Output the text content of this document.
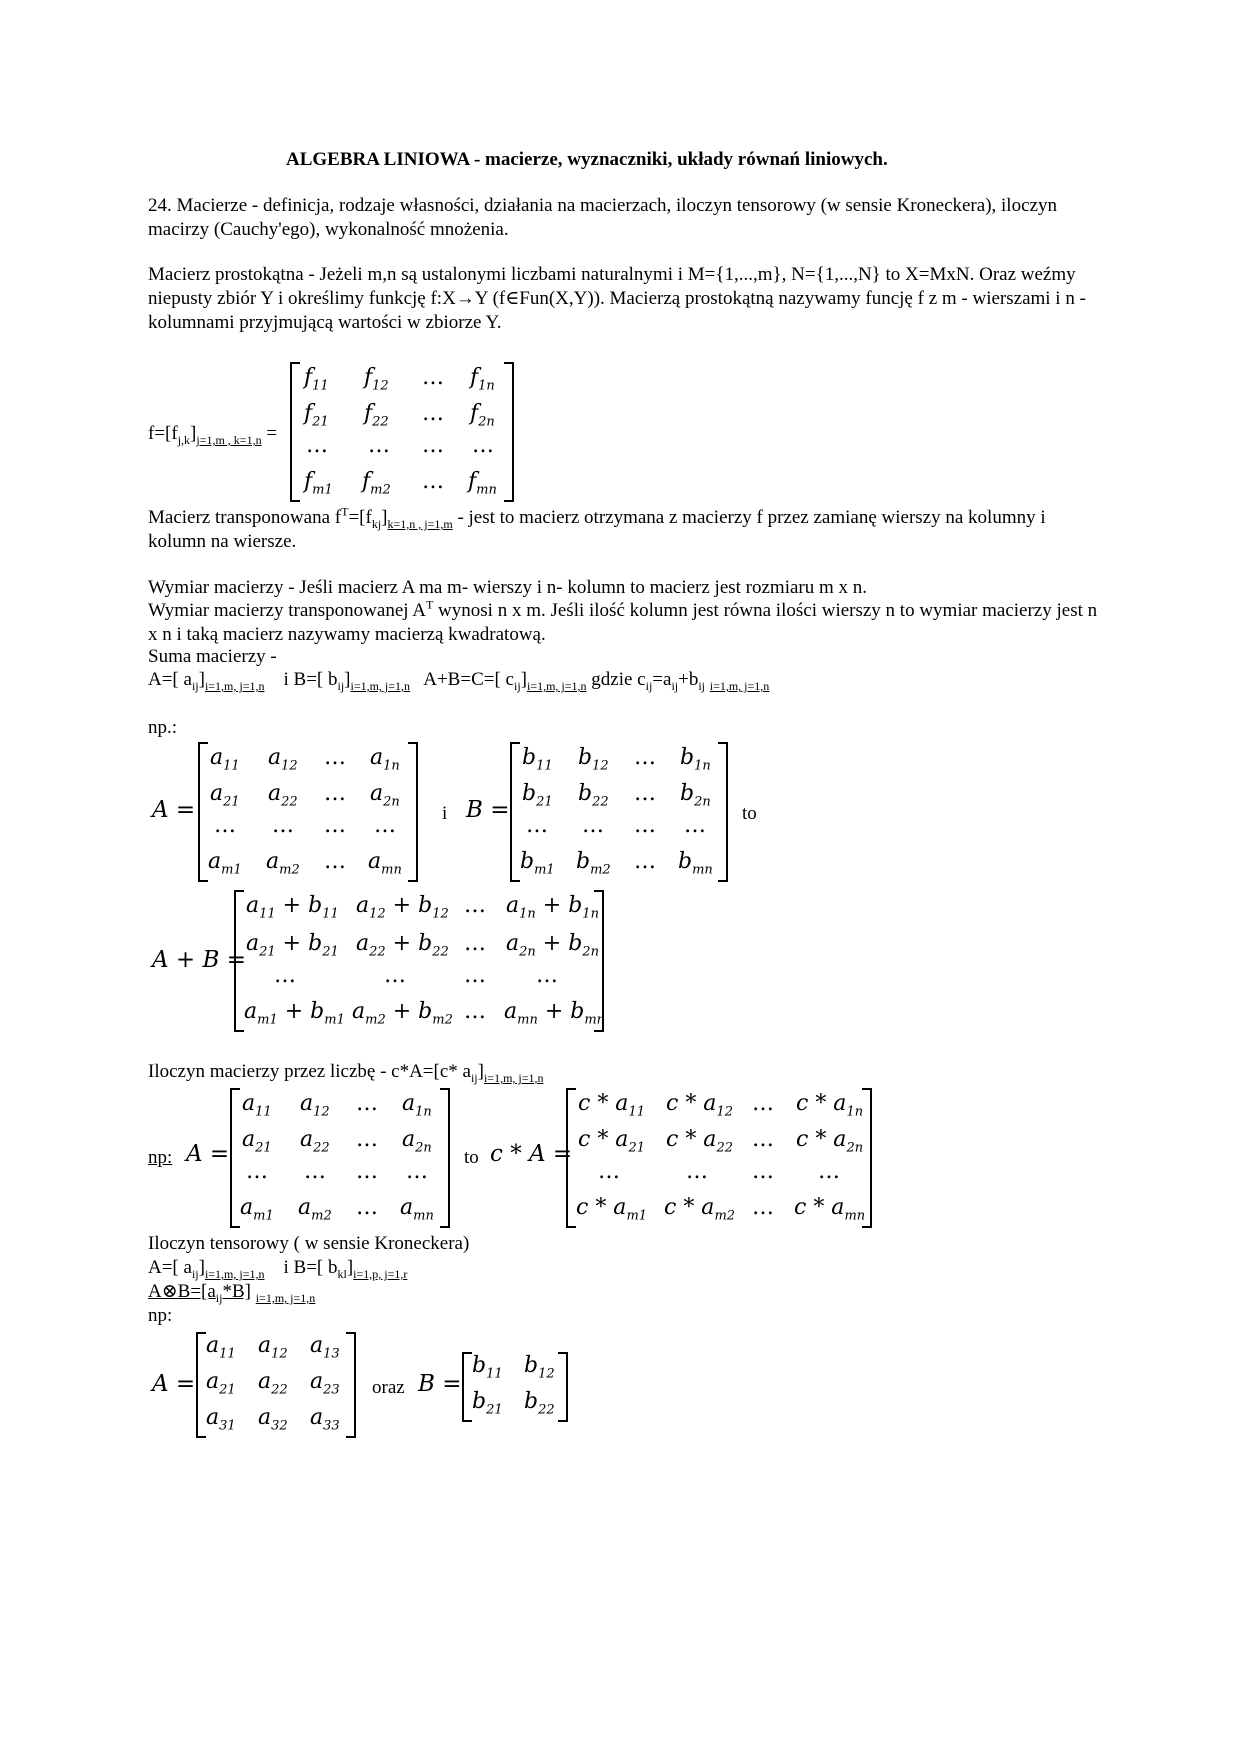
ALGEBRA LINIOWA - macierze, wyznaczniki, układy równań liniowych.
24. Macierze - definicja, rodzaje własności, działania na macierzach, iloczyn tensorowy (w sensie Kroneckera), iloczyn macirzy (Cauchy'ego), wykonalność mnożenia.
Macierz prostokątna - Jeżeli m,n są ustalonymi liczbami naturalnymi i M={1,...,m}, N={1,...,N} to X=MxN. Oraz weźmy niepusty zbiór Y i określimy funkcję f:X→Y (f∈Fun(X,Y)). Macierzą prostokątną nazywamy funcję f z m - wierszami i n - kolumnami przyjmującą wartości w zbiorze Y.
$f=[f_{j,k}]_{j=1,m , k=1,n}$ =
$f_{11}$ $f_{12}$ … $f_{1n}$
$f_{21}$ $f_{22}$ … $f_{2n}$
… … … …
$f_{m1}$ $f_{m2}$ … $f_{mn}$
Macierz transponowana $f^T=[f_{kj}]_{k=1,n , j=1,m}$ - jest to macierz otrzymana z macierzy f przez zamianę wierszy na kolumny i kolumn na wiersze.
Wymiar macierzy - Jeśli macierz A ma m- wierszy i n- kolumn to macierz jest rozmiaru m x n.
Wymiar macierzy transponowanej $A^T$ wynosi n x m. Jeśli ilość kolumn jest równa ilości wierszy n to wymiar macierzy jest n x n i taką macierz nazywamy macierzą kwadratową.
Suma macierzy -
A=[ $a_{ij}]_{i=1,m, j=1,n}$    i B=[ $b_{ij}]_{i=1,m, j=1,n}$   A+B=C=[ $c_{ij}]_{i=1,m, j=1,n}$ gdzie $c_{ij}=a_{ij}+b_{ij}$ $_{i=1,m, j=1,n}$
np.:
A =
$a_{11}$ $a_{12}$ … $a_{1n}$
$a_{21}$ $a_{22}$ … $a_{2n}$
… … … …
$a_{m1}$ $a_{m2}$ … $a_{mn}$
i B =
$b_{11}$ $b_{12}$ … $b_{1n}$
$b_{21}$ $b_{22}$ … $b_{2n}$
… … … …
$b_{m1}$ $b_{m2}$ … $b_{mn}$
to
A + B =
$a_{11} + b_{11}$ $a_{12} + b_{12}$ … $a_{1n} + b_{1n}$
$a_{21} + b_{21}$ $a_{22} + b_{22}$ … $a_{2n} + b_{2n}$
…	…	… …
$a_{m1} + b_{m1}$ $a_{m2} + b_{m2}$ … $a_{mn} + b_{mn}$
Iloczyn macierzy przez liczbę - c*A=[c* $a_{ij}]_{i=1,m, j=1,n}$
np: A =
$a_{11}$ $a_{12}$ … $a_{1n}$
$a_{21}$ $a_{22}$ … $a_{2n}$
… … … …
$a_{m1}$ $a_{m2}$ … $a_{mn}$
to c * A =
c * $a_{11}$ c * $a_{12}$ … c * $a_{1n}$
c * $a_{21}$ c * $a_{22}$ … c * $a_{2n}$
…	… … …
c * $a_{m1}$ c * $a_{m2}$ … c * $a_{mn}$
Iloczyn tensorowy ( w sensie Kroneckera)
A=[ $a_{ij}]_{i=1,m, j=1,n}$    i B=[ $b_{kl}]_{i=1,p, j=1,r}$
$A\otimes B=[a_{ij}*B]$ $_{i=1,m, j=1,n}$
np:
A =
$a_{11}$ $a_{12}$ $a_{13}$
$a_{21}$ $a_{22}$ $a_{23}$
$a_{31}$ $a_{32}$ $a_{33}$
oraz B =
$b_{11}$ $b_{12}$
$b_{21}$ $b_{22}$
